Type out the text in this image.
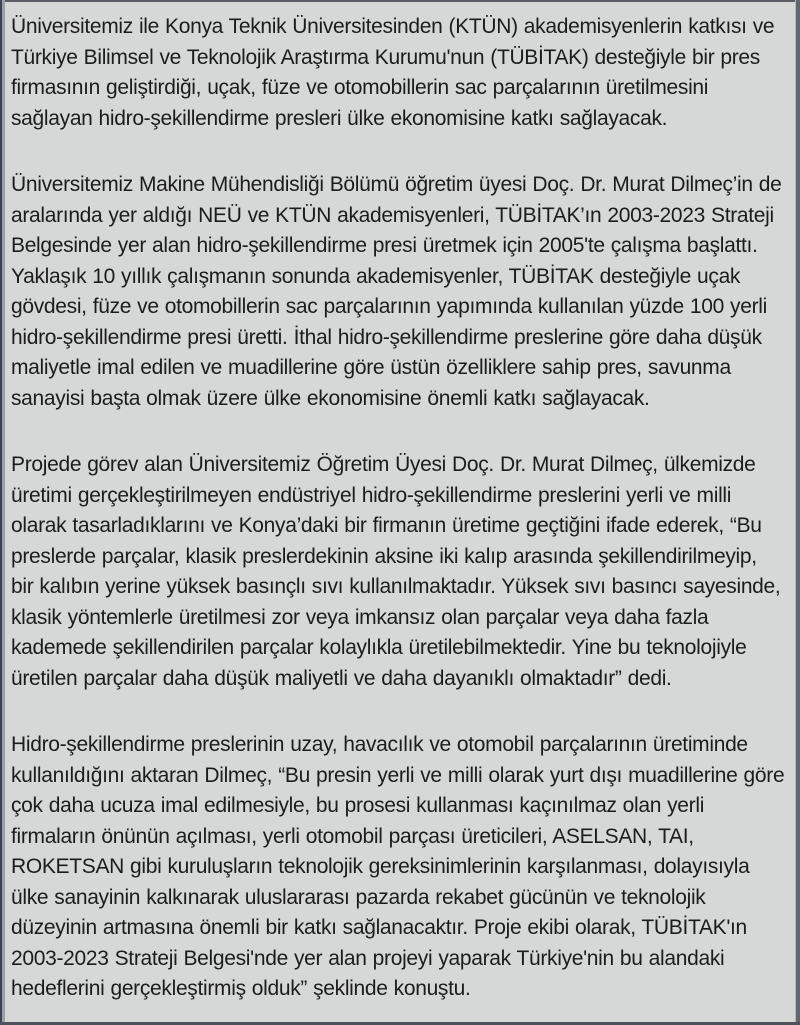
Üniversitemiz ile Konya Teknik Üniversitesinden (KTÜN) akademisyenlerin katkısı ve Türkiye Bilimsel ve Teknolojik Araştırma Kurumu'nun (TÜBİTAK) desteğiyle bir pres firmasının geliştirdiği, uçak, füze ve otomobillerin sac parçalarının üretilmesini sağlayan hidro-şekillendirme presleri ülke ekonomisine katkı sağlayacak.

Üniversitemiz Makine Mühendisliği Bölümü öğretim üyesi Doç. Dr. Murat Dilmeç’in de aralarında yer aldığı NEÜ ve KTÜN akademisyenleri, TÜBİTAK’ın 2003-2023 Strateji Belgesinde yer alan hidro-şekillendirme presi üretmek için 2005'te çalışma başlattı. Yaklaşık 10 yıllık çalışmanın sonunda akademisyenler, TÜBİTAK desteğiyle uçak gövdesi, füze ve otomobillerin sac parçalarının yapımında kullanılan yüzde 100 yerli hidro-şekillendirme presi üretti. İthal hidro-şekillendirme preslerine göre daha düşük maliyetle imal edilen ve muadillerine göre üstün özelliklere sahip pres, savunma sanayisi başta olmak üzere ülke ekonomisine önemli katkı sağlayacak.

Projede görev alan Üniversitemiz Öğretim Üyesi Doç. Dr. Murat Dilmeç, ülkemizde üretimi gerçekleştirilmeyen endüstriyel hidro-şekillendirme preslerini yerli ve milli olarak tasarladıklarını ve Konya’daki bir firmanın üretime geçtiğini ifade ederek, “Bu preslerde parçalar, klasik preslerdekinin aksine iki kalıp arasında şekillendirilmeyip, bir kalıbın yerine yüksek basınçlı sıvı kullanılmaktadır. Yüksek sıvı basıncı sayesinde, klasik yöntemlerle üretilmesi zor veya imkansız olan parçalar veya daha fazla kademede şekillendirilen parçalar kolaylıkla üretilebilmektedir. Yine bu teknolojiyle üretilen parçalar daha düşük maliyetli ve daha dayanıklı olmaktadır” dedi.

Hidro-şekillendirme preslerinin uzay, havacılık ve otomobil parçalarının üretiminde kullanıldığını aktaran Dilmeç, “Bu presin yerli ve milli olarak yurt dışı muadillerine göre çok daha ucuza imal edilmesiyle, bu prosesi kullanması kaçınılmaz olan yerli firmaların önünün açılması, yerli otomobil parçası üreticileri, ASELSAN, TAI, ROKETSAN gibi kuruluşların teknolojik gereksinimlerinin karşılanması, dolayısıyla ülke sanayinin kalkınarak uluslararası pazarda rekabet gücünün ve teknolojik düzeyinin artmasına önemli bir katkı sağlanacaktır. Proje ekibi olarak, TÜBİTAK'ın 2003-2023 Strateji Belgesi'nde yer alan projeyi yaparak Türkiye'nin bu alandaki hedeflerini gerçekleştirmiş olduk” şeklinde konuştu.
